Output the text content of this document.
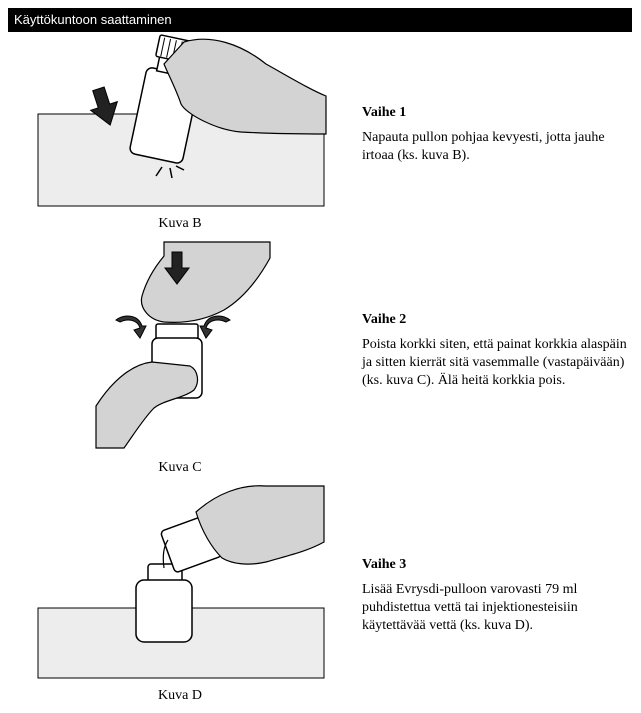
Käyttökuntoon saattaminen
Kuva B
Kuva C
Kuva D

Vaihe 1

Napauta pullon pohjaa kevyesti, jotta jauhe irtoaa (ks. kuva B).

Vaihe 2

Poista korkki siten, että painat korkkia alaspäin ja sitten kierrät sitä vasemmalle (vastapäivään) (ks. kuva C). Älä heitä korkkia pois.

Vaihe 3

Lisää Evrysdi-pulloon varovasti 79 ml puhdistettua vettä tai injektionesteisiin käytettävää vettä (ks. kuva D).
